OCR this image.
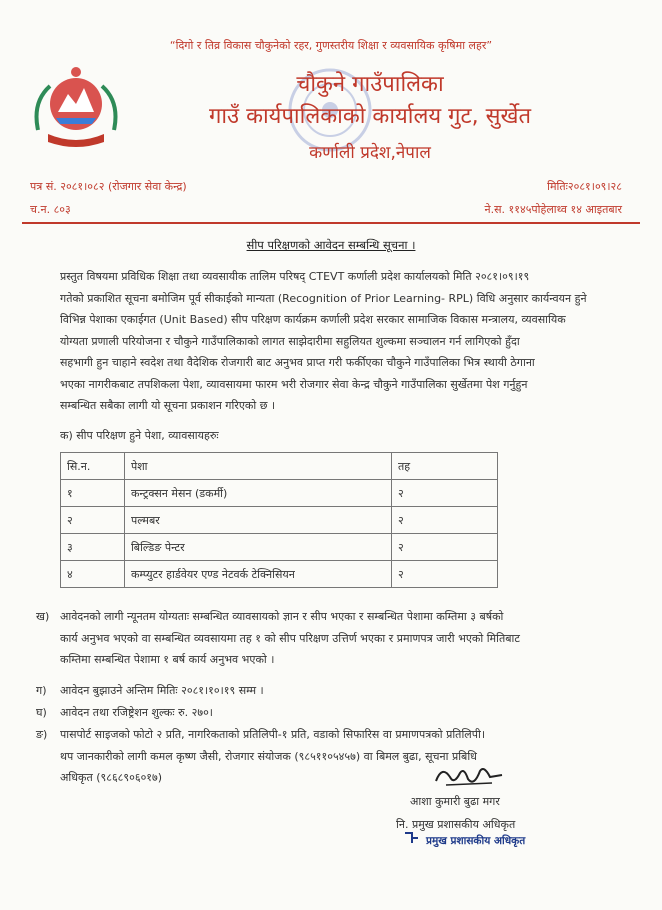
“दिगो र तिव्र विकास चौकुनेको रहर, गुणस्तरीय शिक्षा र व्यवसायिक कृषिमा लहर”
चौकुने गाउँपालिका
गाउँ कार्यपालिकाको कार्यालय गुट, सुर्खेत
कर्णाली प्रदेश,नेपाल
पत्र सं. २०८१।०८२ (रोजगार सेवा केन्द्र)	मितिः२०८१।०९।२८
च.न. ८०३	ने.स. ११४५पोहेलाथ्व १४ आइतबार
सीप परिक्षणको आवेदन सम्बन्धि सूचना ।
प्रस्तुत विषयमा प्रविधिक शिक्षा तथा व्यवसायीक तालिम परिषद् CTEVT कर्णाली प्रदेश कार्यालयको मिति २०८१।०९।१९
गतेको प्रकाशित सूचना बमोजिम पूर्व सीकाईको मान्यता (Recognition of Prior Learning- RPL) विधि अनुसार कार्यन्वयन हुने
विभिन्न पेशाका एकाईगत (Unit Based) सीप परिक्षण कार्यक्रम कर्णाली प्रदेश सरकार सामाजिक विकास मन्त्रालय, व्यवसायिक
योग्यता प्रणाली परियोजना र चौकुने गाउँपालिकाको लागत साझेदारीमा सहुलियत शुल्कमा सञ्चालन गर्न लागिएको हुँदा
सहभागी हुन चाहाने स्वदेश तथा वैदेशिक रोजगारी बाट अनुभव प्राप्त गरी फर्कीएका चौकुने गाउँपालिका भित्र स्थायी ठेगाना
भएका नागरीकबाट तपशिकला पेशा, व्यावसायमा फारम भरी रोजगार सेवा केन्द्र चौकुने गाउँपालिका सुर्खेतमा पेश गर्नुहुन
सम्बन्धित सबैका लागी यो सूचना प्रकाशन गरिएको छ ।
क) सीप परिक्षण हुने पेशा, व्यावसायहरुः
सि.न.	पेशा	तह
१	कन्ट्रक्सन मेसन (डकर्मी)	२
२	पल्मबर	२
३	बिल्डिङ पेन्टर	२
४	कम्प्युटर हार्डवेयर एण्ड नेटवर्क टेक्निसियन	२
ख) आवेदनको लागी न्यूनतम योग्यताः सम्बन्धित व्यावसायको ज्ञान र सीप भएका र सम्बन्धित पेशामा कम्तिमा ३ बर्षको
कार्य अनुभव भएको वा सम्बन्धित व्यवसायमा तह १ को सीप परिक्षण उत्तिर्ण भएका र प्रमाणपत्र जारी भएको मितिबाट
कम्तिमा सम्बन्धित पेशामा १ बर्ष कार्य अनुभव भएको ।
ग) आवेदन बुझाउने अन्तिम मितिः २०८१।१०।१९ सम्म ।
घ) आवेदन तथा रजिष्ट्रेशन शुल्कः रु. २७०।
ङ) पासपोर्ट साइजको फोटो २ प्रति, नागरिकताको प्रतिलिपी-१ प्रति, वडाको सिफारिस वा प्रमाणपत्रको प्रतिलिपी।
थप जानकारीको लागी कमल कृष्ण जैसी, रोजगार संयोजक (९८५११०५४५७) वा बिमल बुढा, सूचना प्रबिधि
अधिकृत (९८६८९०६०१७)
आशा कुमारी बुढा मगर
नि. प्रमुख प्रशासकीय अधिकृत
प्रमुख प्रशासकीय अधिकृत
